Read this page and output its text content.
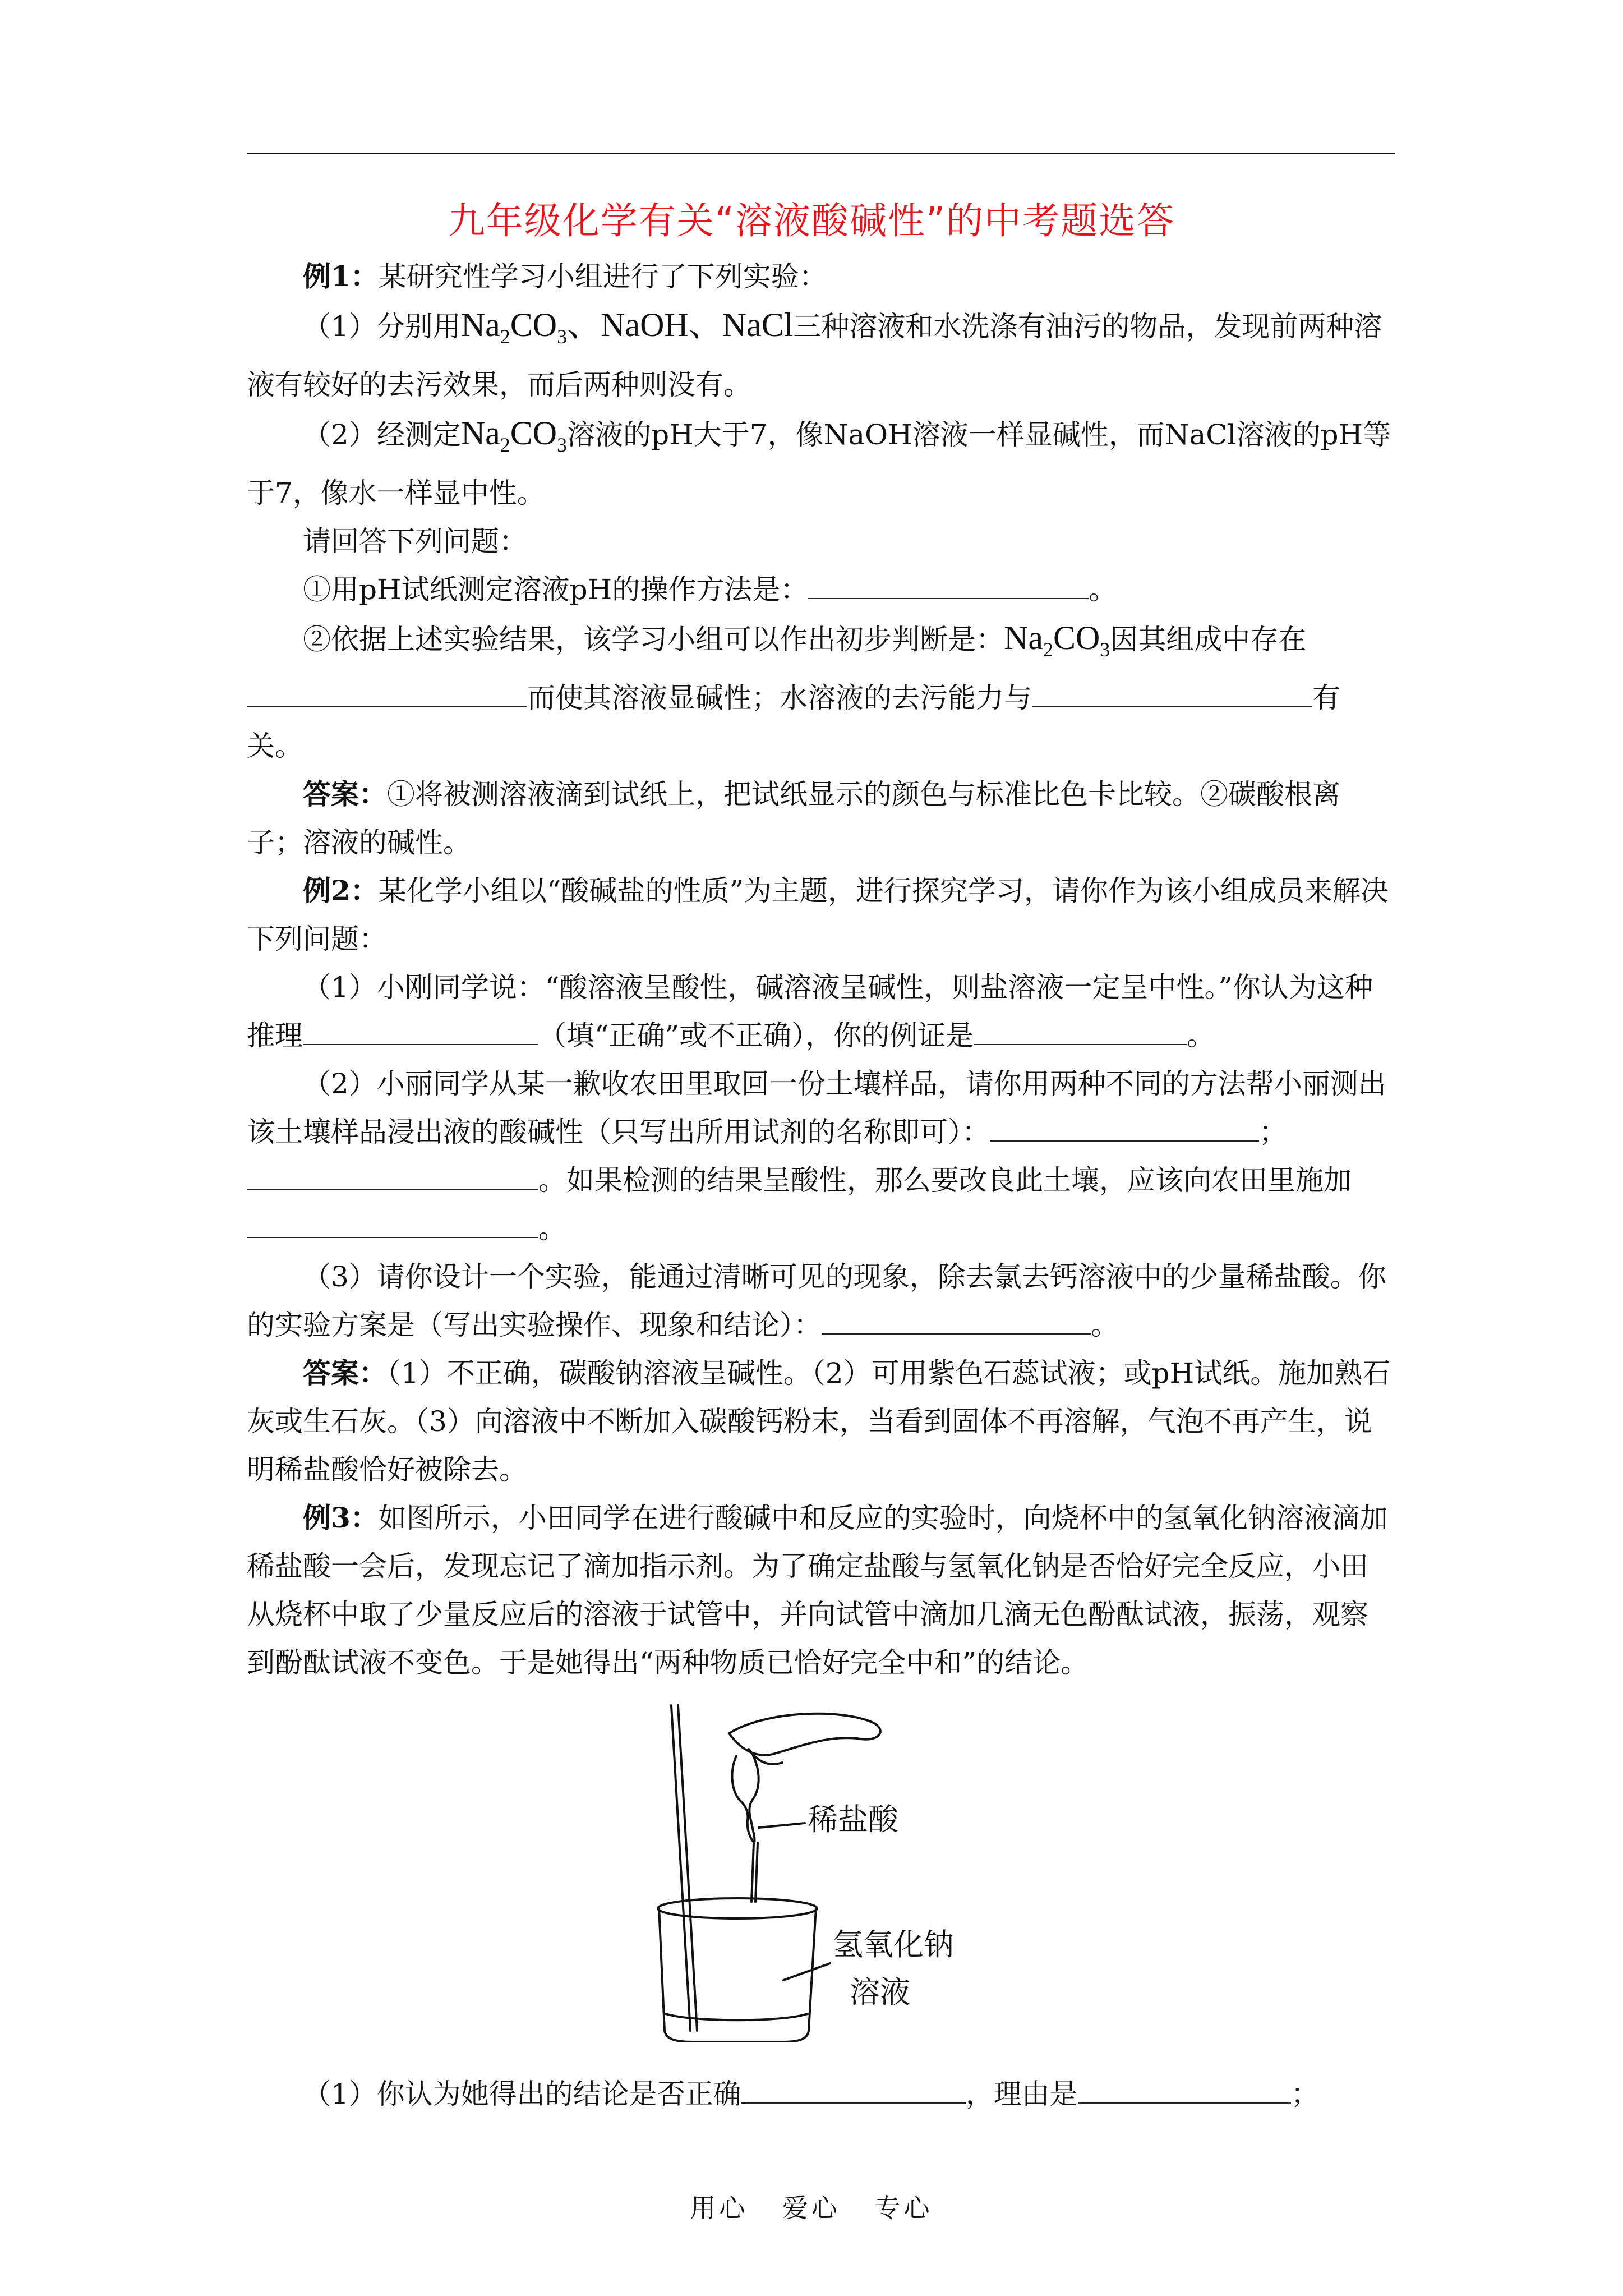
九年级化学有关“溶液酸碱性”的中考题选答

例1：某研究性学习小组进行了下列实验：

（1）分别用$Na_2CO_3$、NaOH、NaCl三种溶液和水洗涤有油污的物品，发现前两种溶液有较好的去污效果，而后两种则没有。

（2）经测定$Na_2CO_3$溶液的pH大于7，像NaOH溶液一样显碱性，而NaCl溶液的pH等于7，像水一样显中性。

请回答下列问题：

①用pH试纸测定溶液pH的操作方法是：	。

②依据上述实验结果，该学习小组可以作出初步判断是：$Na_2CO_3$因其组成中存在
而使其溶液显碱性；水溶液的去污能力与	有关。

答案：①将被测溶液滴到试纸上，把试纸显示的颜色与标准比色卡比较。②碳酸根离子；溶液的碱性。

例2：某化学小组以“酸碱盐的性质”为主题，进行探究学习，请你作为该小组成员来解决下列问题：

（1）小刚同学说：“酸溶液呈酸性，碱溶液呈碱性，则盐溶液一定呈中性。”你认为这种推理	（填“正确”或不正确），你的例证是	。

（2）小丽同学从某一歉收农田里取回一份土壤样品，请你用两种不同的方法帮小丽测出该土壤样品浸出液的酸碱性（只写出所用试剂的名称即可）：	；。如果检测的结果呈酸性，那么要改良此土壤，应该向农田里施加。

（3）请你设计一个实验，能通过清晰可见的现象，除去氯去钙溶液中的少量稀盐酸。你的实验方案是（写出实验操作、现象和结论）：	。

答案：（1）不正确，碳酸钠溶液呈碱性。（2）可用紫色石蕊试液；或pH试纸。施加熟石灰或生石灰。（3）向溶液中不断加入碳酸钙粉末，当看到固体不再溶解，气泡不再产生，说明稀盐酸恰好被除去。

例3：如图所示，小田同学在进行酸碱中和反应的实验时，向烧杯中的氢氧化钠溶液滴加稀盐酸一会后，发现忘记了滴加指示剂。为了确定盐酸与氢氧化钠是否恰好完全反应，小田从烧杯中取了少量反应后的溶液于试管中，并向试管中滴加几滴无色酚酞试液，振荡，观察到酚酞试液不变色。于是她得出“两种物质已恰好完全中和”的结论。

稀盐酸
氢氧化钠
溶液

（1）你认为她得出的结论是否正确	，理由是	；

用心 爱心 专心
